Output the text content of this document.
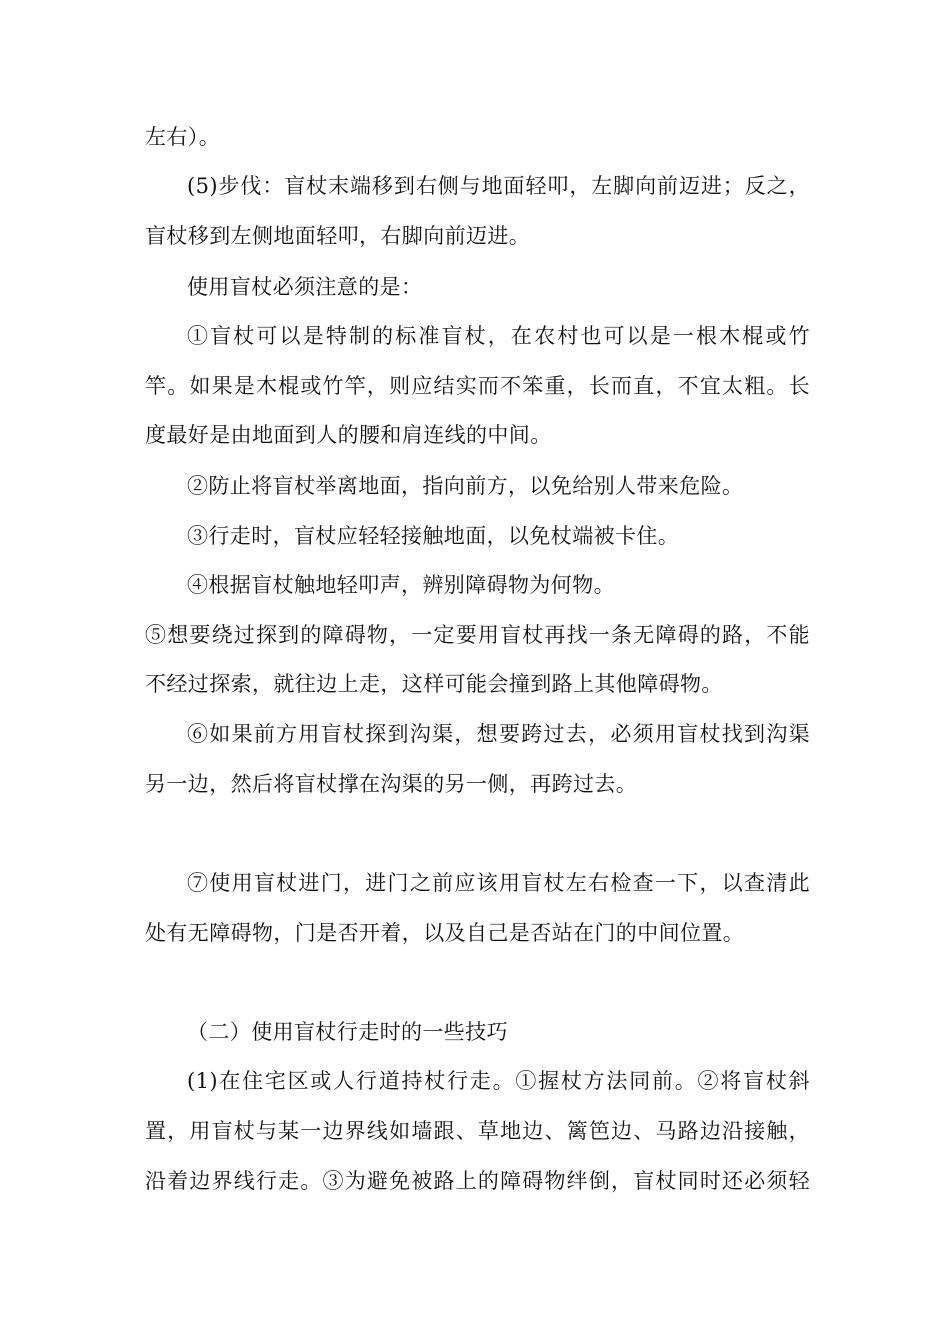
左右）。
(5)步伐：盲杖末端移到右侧与地面轻叩，左脚向前迈进；反之，
盲杖移到左侧地面轻叩，右脚向前迈进。
使用盲杖必须注意的是：
①盲杖可以是特制的标准盲杖，在农村也可以是一根木棍或竹
竿。如果是木棍或竹竿，则应结实而不笨重，长而直，不宜太粗。长
度最好是由地面到人的腰和肩连线的中间。
②防止将盲杖举离地面，指向前方，以免给别人带来危险。
③行走时，盲杖应轻轻接触地面，以免杖端被卡住。
④根据盲杖触地轻叩声，辨别障碍物为何物。
⑤想要绕过探到的障碍物，一定要用盲杖再找一条无障碍的路，不能
不经过探索，就往边上走，这样可能会撞到路上其他障碍物。
⑥如果前方用盲杖探到沟渠，想要跨过去，必须用盲杖找到沟渠
另一边，然后将盲杖撑在沟渠的另一侧，再跨过去。
⑦使用盲杖进门，进门之前应该用盲杖左右检查一下，以查清此
处有无障碍物，门是否开着，以及自己是否站在门的中间位置。
（二）使用盲杖行走时的一些技巧
(1)在住宅区或人行道持杖行走。①握杖方法同前。②将盲杖斜
置，用盲杖与某一边界线如墙跟、草地边、篱笆边、马路边沿接触，
沿着边界线行走。③为避免被路上的障碍物绊倒，盲杖同时还必须轻
